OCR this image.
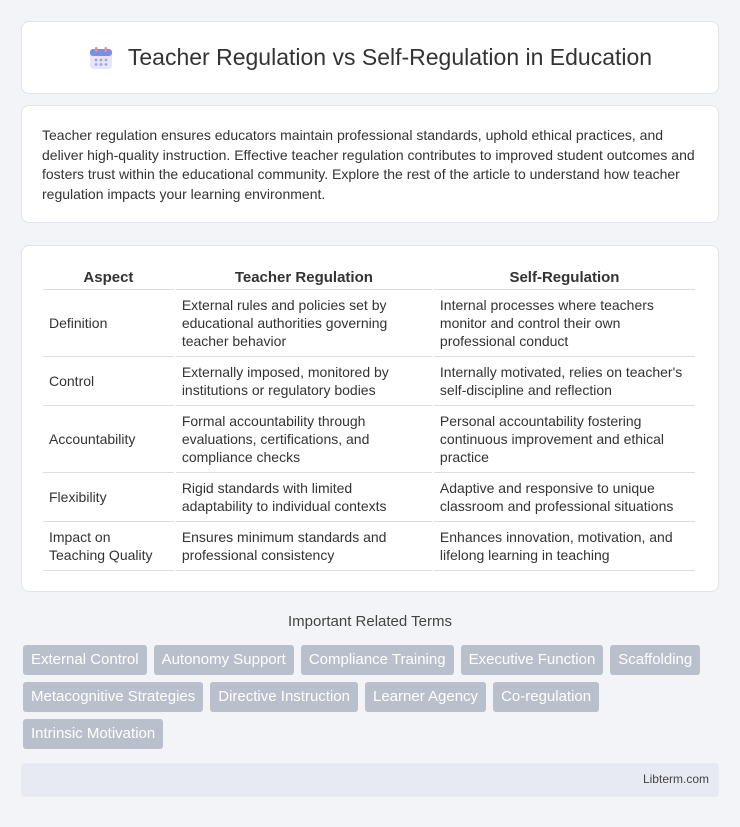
Teacher Regulation vs Self-Regulation in Education

Teacher regulation ensures educators maintain professional standards, uphold ethical practices, and deliver high-quality instruction. Effective teacher regulation contributes to improved student outcomes and fosters trust within the educational community. Explore the rest of the article to understand how teacher regulation impacts your learning environment.

Aspect	Teacher Regulation	Self-Regulation
Definition	External rules and policies set by educational authorities governing teacher behavior	Internal processes where teachers monitor and control their own professional conduct
Control	Externally imposed, monitored by institutions or regulatory bodies	Internally motivated, relies on teacher's self-discipline and reflection
Accountability	Formal accountability through evaluations, certifications, and compliance checks	Personal accountability fostering continuous improvement and ethical practice
Flexibility	Rigid standards with limited adaptability to individual contexts	Adaptive and responsive to unique classroom and professional situations
Impact on Teaching Quality	Ensures minimum standards and professional consistency	Enhances innovation, motivation, and lifelong learning in teaching
Important Related Terms
External Control	Autonomy Support	Compliance Training	Executive Function	Scaffolding
Metacognitive Strategies	Directive Instruction	Learner Agency	Co-regulation
Intrinsic Motivation
Libterm.com
